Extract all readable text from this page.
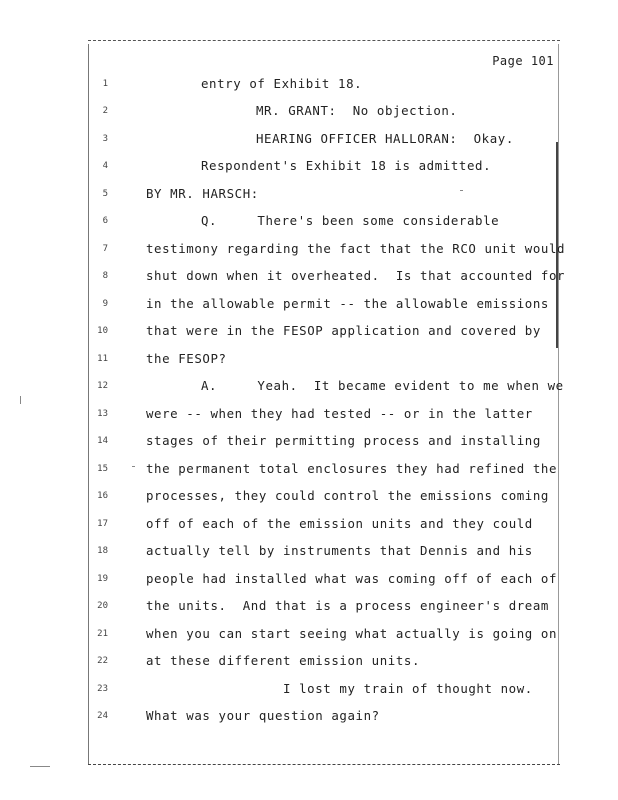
Page 101
1
2
3
4
5
6
7
8
9
10
11
12
13
14
15
16
17
18
19
20
21
22
23
24
entry of Exhibit 18.
MR. GRANT:  No objection.
HEARING OFFICER HALLORAN:  Okay.
Respondent's Exhibit 18 is admitted.
BY MR. HARSCH:
Q.     There's been some considerable
testimony regarding the fact that the RCO unit would
shut down when it overheated.  Is that accounted for
in the allowable permit -- the allowable emissions
that were in the FESOP application and covered by
the FESOP?
A.     Yeah.  It became evident to me when we
were -- when they had tested -- or in the latter
stages of their permitting process and installing
the permanent total enclosures they had refined the
processes, they could control the emissions coming
off of each of the emission units and they could
actually tell by instruments that Dennis and his
people had installed what was coming off of each of
the units.  And that is a process engineer's dream
when you can start seeing what actually is going on
at these different emission units.
I lost my train of thought now.
What was your question again?
